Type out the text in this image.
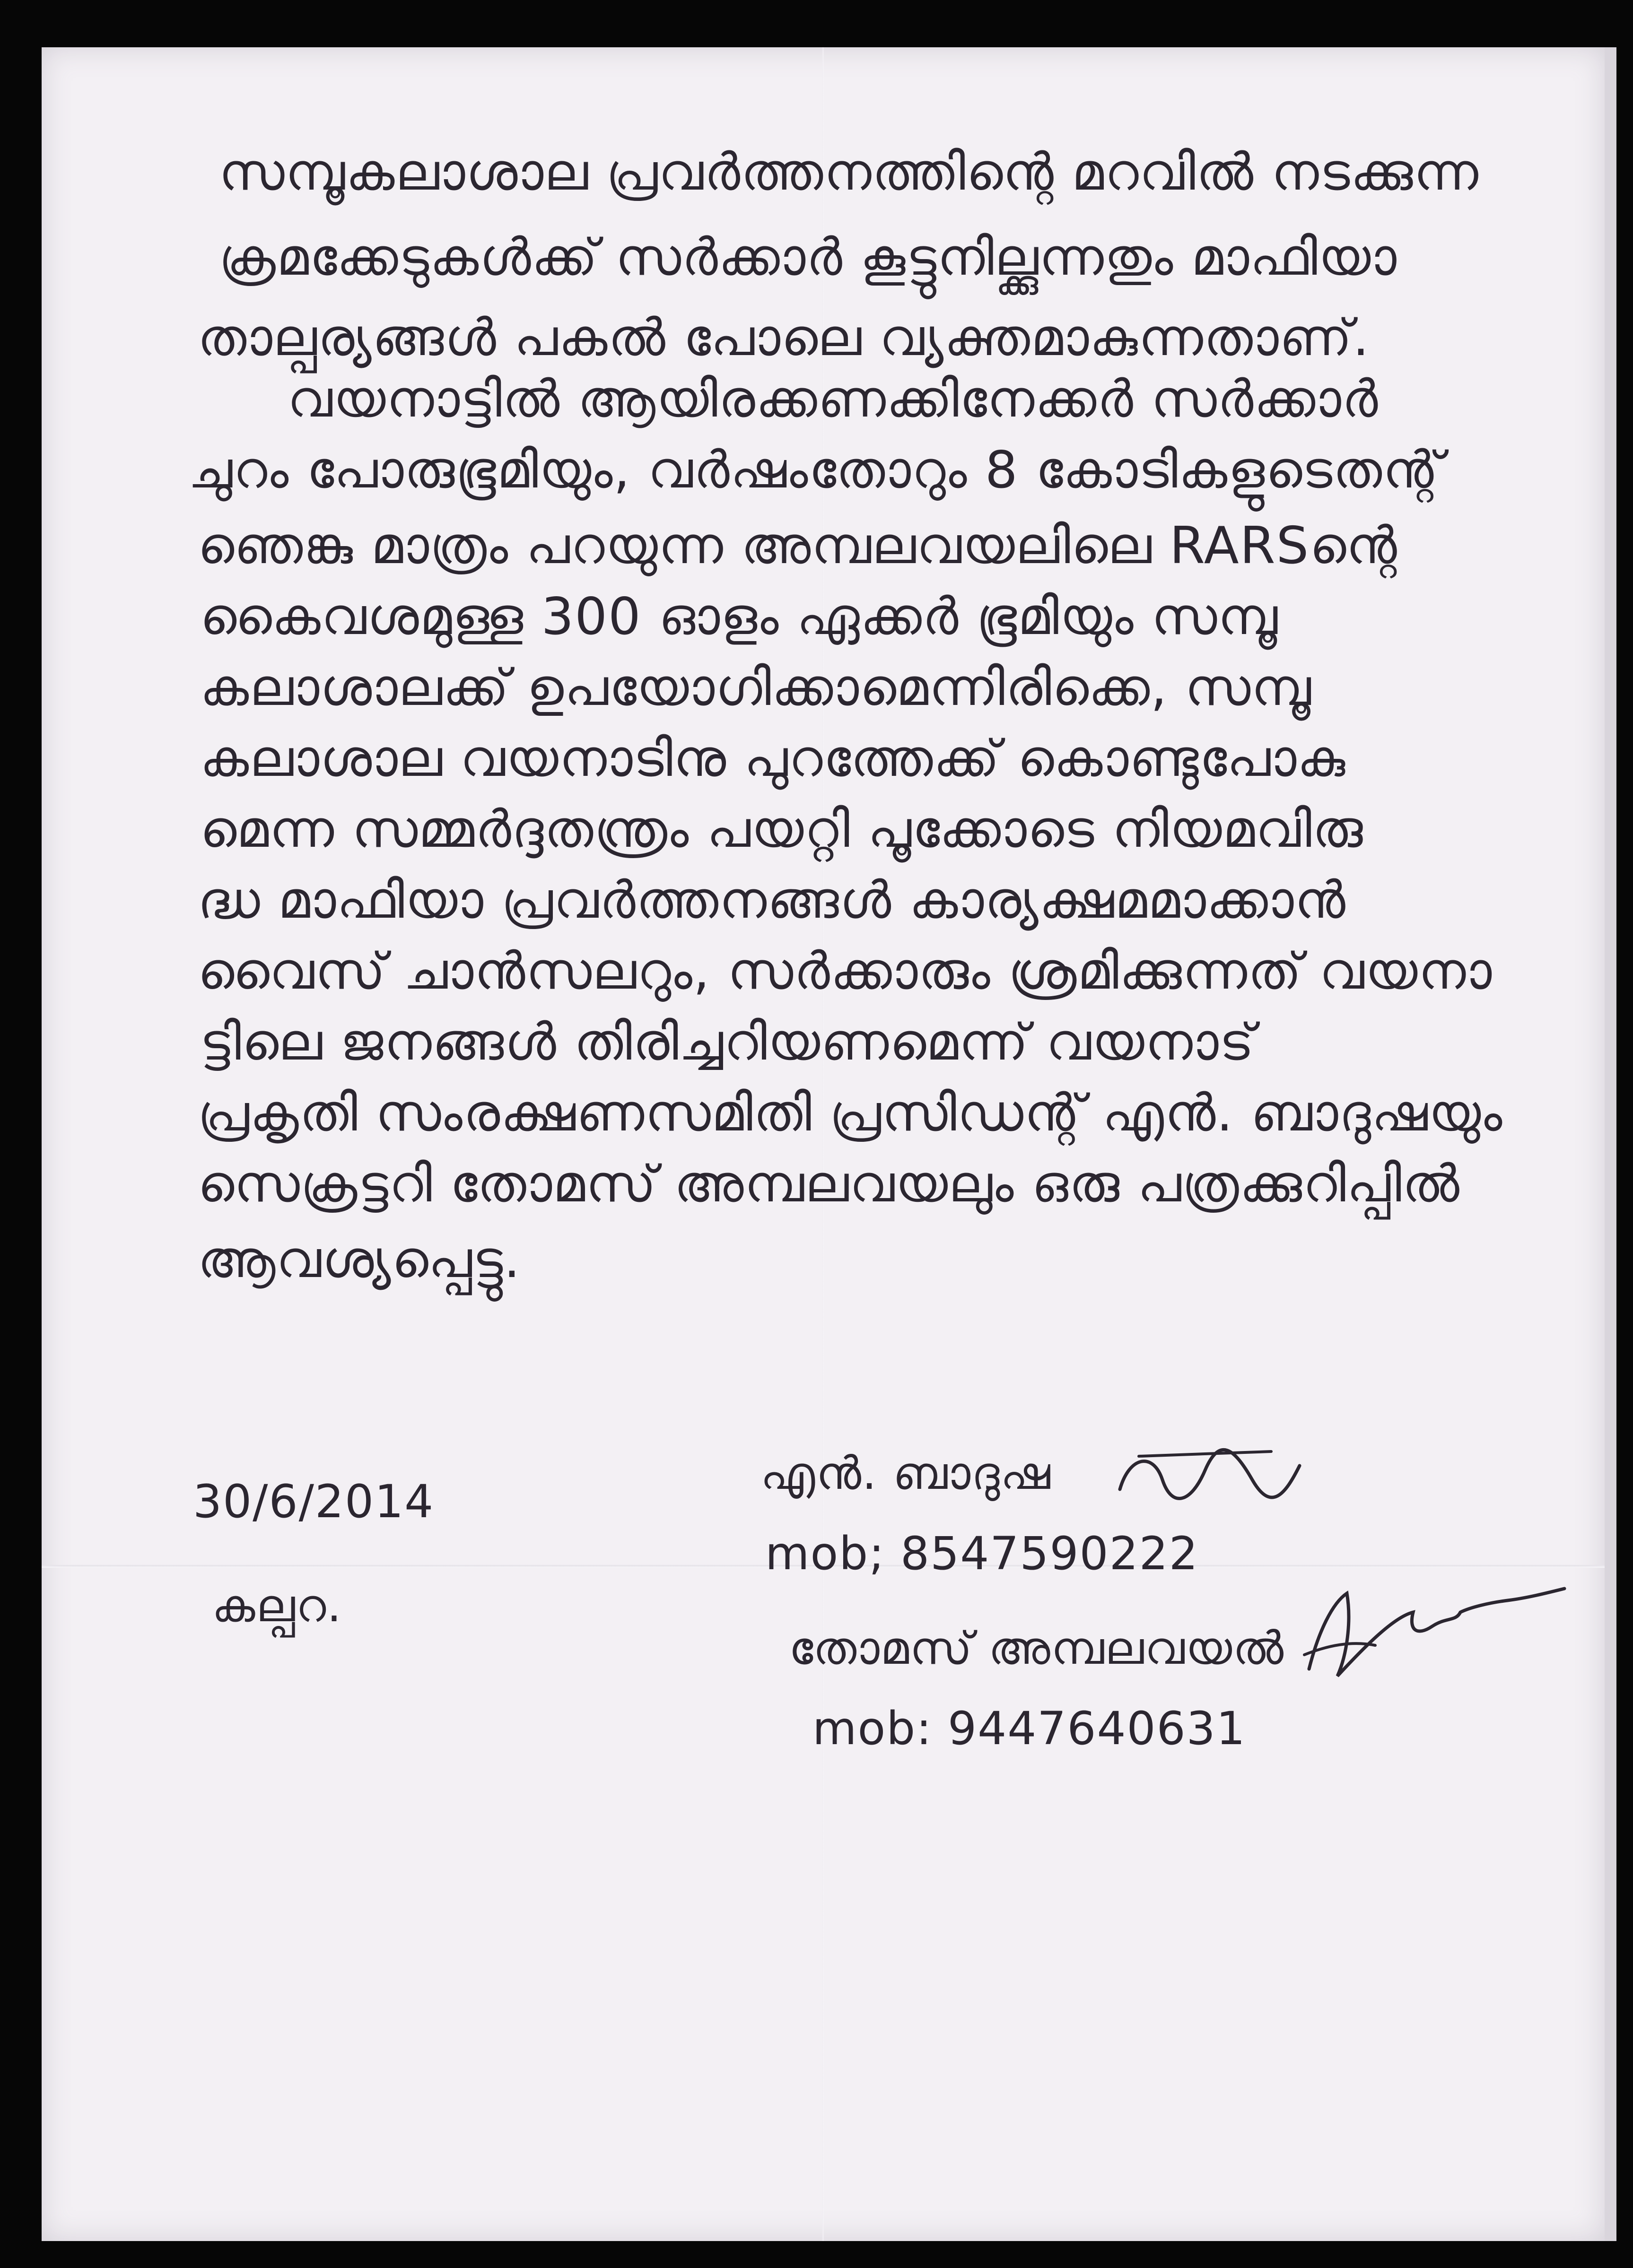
സമ്പൂകലാശാല പ്രവർത്തനത്തിന്റെ മറവിൽ നടക്കുന്ന
ക്രമക്കേടുകൾക്ക് സർക്കാർ കൂട്ടുനില്ക്കുന്നതും മാഫിയാ
താല്പര്യങ്ങൾ പകൽ പോലെ വ്യക്തമാകുന്നതാണ്.
വയനാട്ടിൽ ആയിരക്കണക്കിനേക്കർ സർക്കാർ
ചുറം പോരുഭൂമിയും, വർഷംതോറും 8 കോടികളുടെതന്റ്
ഞെങ്കു മാത്രം പറയുന്ന അമ്പലവയലിലെ RARSന്റെ
കൈവശമുള്ള 300 ഓളം ഏക്കർ ഭൂമിയും സമ്പൂ
കലാശാലക്ക് ഉപയോഗിക്കാമെന്നിരിക്കെ, സമ്പൂ
കലാശാല വയനാടിനു പുറത്തേക്ക് കൊണ്ടുപോകു
മെന്ന സമ്മർദ്ദതന്ത്രം പയറ്റി പൂക്കോടെ നിയമവിരു
ദ്ധ മാഫിയാ പ്രവർത്തനങ്ങൾ കാര്യക്ഷമമാക്കാൻ
വൈസ് ചാൻസലറും, സർക്കാരും ശ്രമിക്കുന്നത് വയനാ
ട്ടിലെ ജനങ്ങൾ തിരിച്ചറിയണമെന്ന് വയനാട്
പ്രകൃതി സംരക്ഷണസമിതി പ്രസിഡന്റ് എൻ. ബാദുഷയും
സെക്രട്ടറി തോമസ് അമ്പലവയലും ഒരു പത്രക്കുറിപ്പിൽ
ആവശ്യപ്പെട്ടു.
30/6/2014
കല്പറ.
എൻ. ബാദുഷ
mob; 8547590222
തോമസ് അമ്പലവയൽ
mob: 9447640631
